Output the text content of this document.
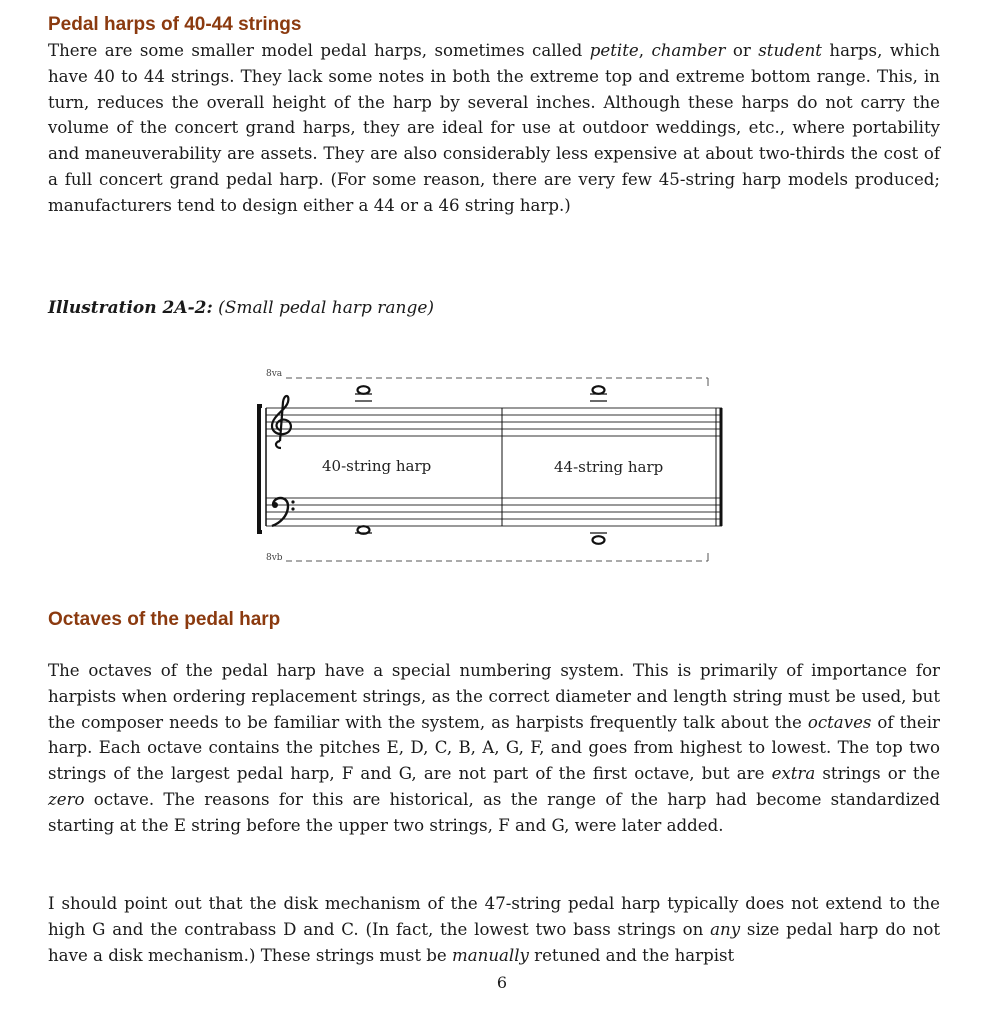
Pedal harps of 40-44 strings

There are some smaller model pedal harps, sometimes called petite, chamber or student harps, which have 40 to 44 strings. They lack some notes in both the extreme top and extreme bottom range. This, in turn, reduces the overall height of the harp by several inches. Although these harps do not carry the volume of the concert grand harps, they are ideal for use at outdoor weddings, etc., where portability and maneuverability are assets. They are also considerably less expensive at about two-thirds the cost of a full concert grand pedal harp. (For some reason, there are very few 45-string harp models produced; manufacturers tend to design either a 44 or a 46 string harp.)

Illustration 2A-2: (Small pedal harp range)
8va
40-string harp	44-string harp
8vb
Octaves of the pedal harp

The octaves of the pedal harp have a special numbering system. This is primarily of importance for harpists when ordering replacement strings, as the correct diameter and length string must be used, but the composer needs to be familiar with the system, as harpists frequently talk about the octaves of their harp. Each octave contains the pitches E, D, C, B, A, G, F, and goes from highest to lowest. The top two strings of the largest pedal harp, F and G, are not part of the first octave, but are extra strings or the zero octave. The reasons for this are historical, as the range of the harp had become standardized starting at the E string before the upper two strings, F and G, were later added.

I should point out that the disk mechanism of the 47-string pedal harp typically does not extend to the high G and the contrabass D and C. (In fact, the lowest two bass strings on any size pedal harp do not have a disk mechanism.) These strings must be manually retuned and the harpist

6
